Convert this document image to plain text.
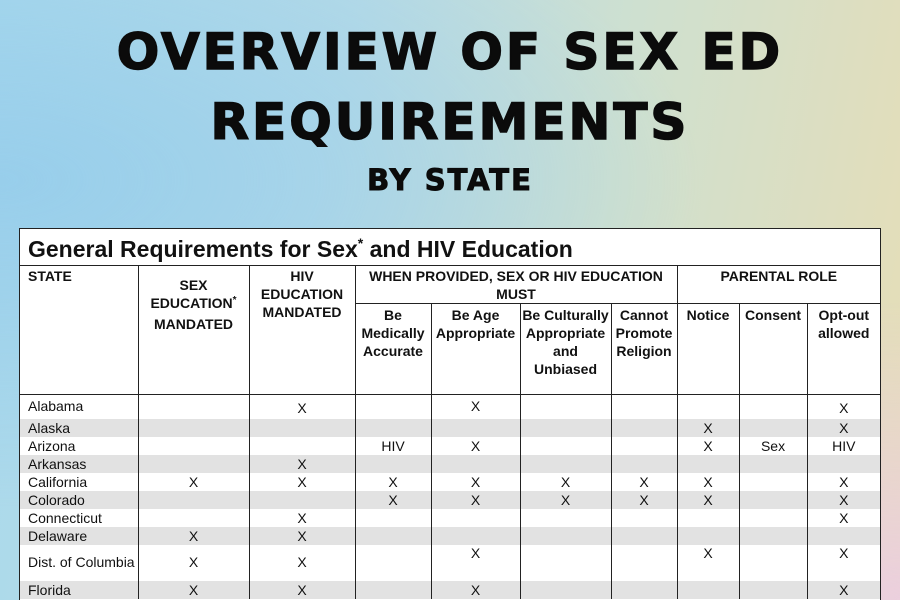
OVERVIEW OF SEX ED
REQUIREMENTS
BY STATE
General Requirements for Sex* and HIV Education
STATE	SEX EDUCATION* MANDATED	HIV EDUCATION MANDATED	WHEN PROVIDED, SEX OR HIV EDUCATION MUST				PARENTAL ROLE		
			Be Medically Accurate	Be Age Appropriate	Be Culturally Appropriate and Unbiased	Cannot Promote Religion	Notice	Consent	Opt-out allowed
Alabama		X		X					X
Alaska							X		X
Arizona			HIV	X			X	Sex	HIV
Arkansas		X							
California	X	X	X	X	X	X	X		X
Colorado			X	X	X	X	X		X
Connecticut		X							X
Delaware	X	X							
Dist. of Columbia	X	X		X			X		X
Florida	X	X		X					X
